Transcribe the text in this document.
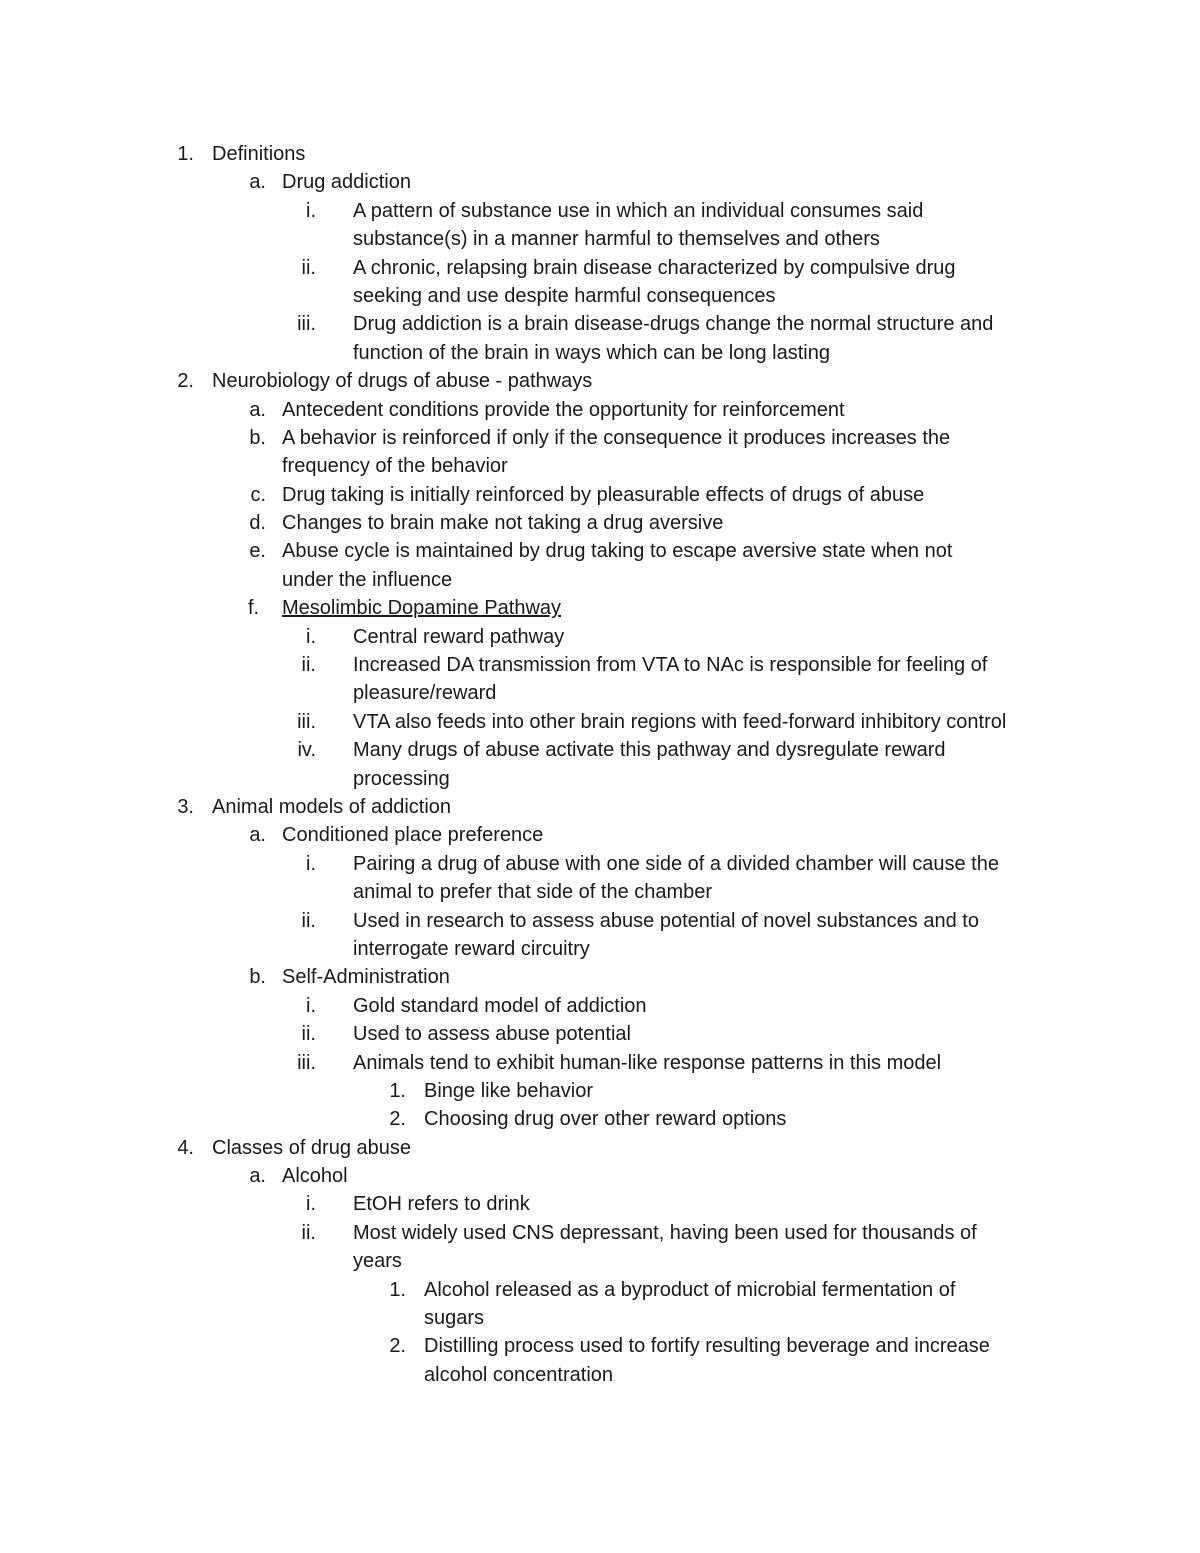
1. Definitions
a. Drug addiction
i. A pattern of substance use in which an individual consumes said
substance(s) in a manner harmful to themselves and others
ii. A chronic, relapsing brain disease characterized by compulsive drug
seeking and use despite harmful consequences
iii. Drug addiction is a brain disease-drugs change the normal structure and
function of the brain in ways which can be long lasting
2. Neurobiology of drugs of abuse - pathways
a. Antecedent conditions provide the opportunity for reinforcement
b. A behavior is reinforced if only if the consequence it produces increases the
frequency of the behavior
c. Drug taking is initially reinforced by pleasurable effects of drugs of abuse
d. Changes to brain make not taking a drug aversive
e. Abuse cycle is maintained by drug taking to escape aversive state when not
under the influence
f. Mesolimbic Dopamine Pathway
i. Central reward pathway
ii. Increased DA transmission from VTA to NAc is responsible for feeling of
pleasure/reward
iii. VTA also feeds into other brain regions with feed-forward inhibitory control
iv. Many drugs of abuse activate this pathway and dysregulate reward
processing
3. Animal models of addiction
a. Conditioned place preference
i. Pairing a drug of abuse with one side of a divided chamber will cause the
animal to prefer that side of the chamber
ii. Used in research to assess abuse potential of novel substances and to
interrogate reward circuitry
b. Self-Administration
i. Gold standard model of addiction
ii. Used to assess abuse potential
iii. Animals tend to exhibit human-like response patterns in this model
1. Binge like behavior
2. Choosing drug over other reward options
4. Classes of drug abuse
a. Alcohol
i. EtOH refers to drink
ii. Most widely used CNS depressant, having been used for thousands of
years
1. Alcohol released as a byproduct of microbial fermentation of
sugars
2. Distilling process used to fortify resulting beverage and increase
alcohol concentration
